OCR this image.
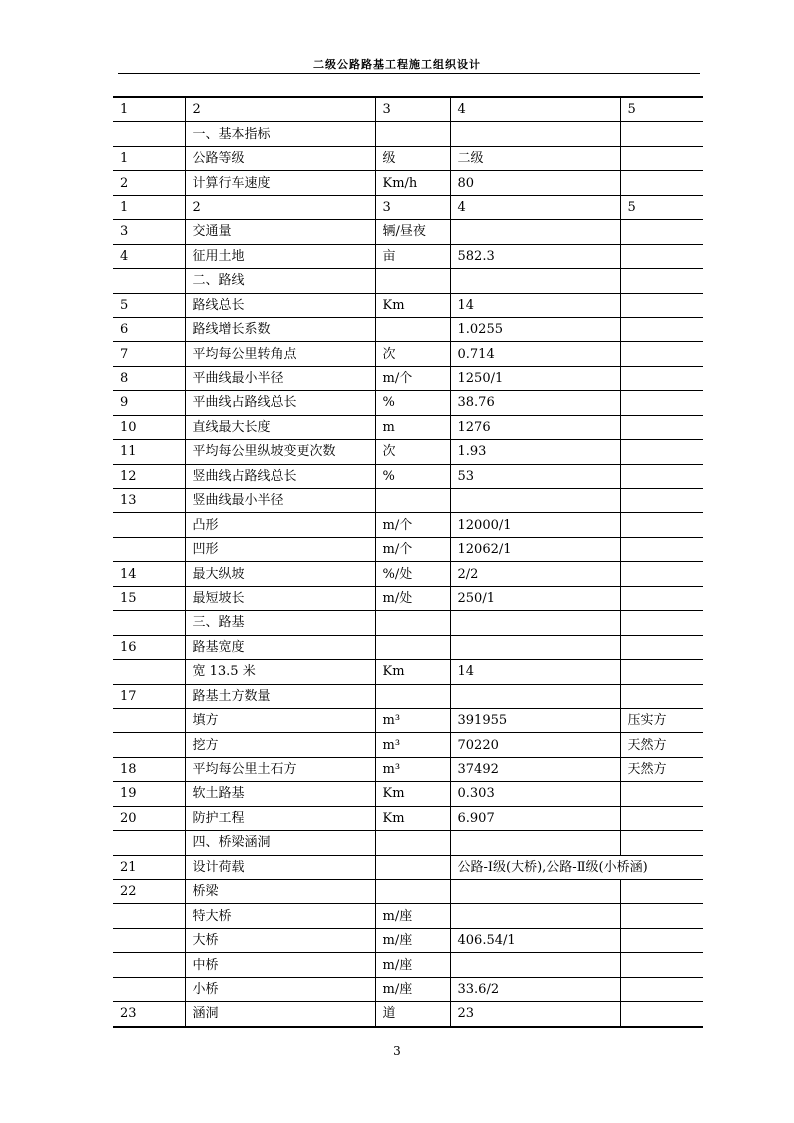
二级公路路基工程施工组织设计
1	2	3	4	5
	一、基本指标			
1	公路等级	级	二级	
2	计算行车速度	Km/h	80	
1	2	3	4	5
3	交通量	辆/昼夜		
4	征用土地	亩	582.3	
	二、路线			
5	路线总长	Km	14	
6	路线增长系数		1.0255	
7	平均每公里转角点	次	0.714	
8	平曲线最小半径	m/个	1250/1	
9	平曲线占路线总长	%	38.76	
10	直线最大长度	m	1276	
11	平均每公里纵坡变更次数	次	1.93	
12	竖曲线占路线总长	%	53	
13	竖曲线最小半径			
	凸形	m/个	12000/1	
	凹形	m/个	12062/1	
14	最大纵坡	%/处	2/2	
15	最短坡长	m/处	250/1	
	三、路基			
16	路基宽度			
	宽 13.5 米	Km	14	
17	路基土方数量			
	填方	m³	391955	压实方
	挖方	m³	70220	天然方
18	平均每公里土石方	m³	37492	天然方
19	软土路基	Km	0.303	
20	防护工程	Km	6.907	
	四、桥梁涵洞			
21	设计荷载		公路-Ⅰ级(大桥),公路-Ⅱ级(小桥涵)	
22	桥梁			
	特大桥	m/座		
	大桥	m/座	406.54/1	
	中桥	m/座		
	小桥	m/座	33.6/2	
23	涵洞	道	23	
3
